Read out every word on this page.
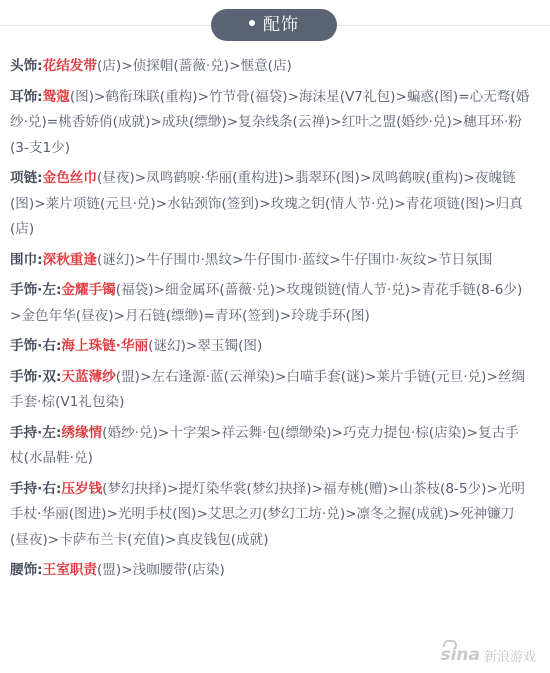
配饰
头饰:花结发带(店)>侦探帽(蔷薇·兑)>惬意(店)
耳饰:鸳蔻(图)>鹤衔珠联(重构)>竹节骨(福袋)>海沫星(V7礼包)>蝙惑(图)=心无骛(婚纱·兑)=桃香娇俏(成就)>成玦(缥缈)>复杂线条(云禅)>红叶之盟(婚纱·兑)>穗耳环·粉(3-支1少)
项链:金色丝巾(昼夜)>凤鸣鹤唳·华丽(重构进)>翡翠环(图)>凤鸣鹤唳(重构)>夜魄链(图)>莱片项链(元旦·兑)>水钻颈饰(签到)>玫瑰之钥(情人节·兑)>青花项链(图)>归真(店)
围巾:深秋重逢(谜幻)>牛仔围巾·黑纹>牛仔围巾·蓝纹>牛仔围巾·灰纹>节日氛围
手饰·左:金耀手镯(福袋)>细金属环(蔷薇·兑)>玫瑰锁链(情人节·兑)>青花手链(8-6少)>金色年华(昼夜)>月石链(缥缈)=青环(签到)>玲珑手环(图)
手饰·右:海上珠链·华丽(谜幻)>翠玉镯(图)
手饰·双:天蓝薄纱(盟)>左右逢源·蓝(云禅染)>白喵手套(谜)>莱片手链(元旦·兑)>丝绸手套·棕(V1礼包染)
手持·左:绣缘情(婚纱·兑)>十字架>祥云舞·包(缥缈染)>巧克力提包·棕(店染)>复古手杖(水晶鞋·兑)
手持·右:压岁钱(梦幻抉择)>提灯染华裳(梦幻抉择)>福寿桃(赠)>山茶枝(8-5少)>光明手杖·华丽(图进)>光明手杖(图)>艾思之刃(梦幻工坊·兑)>凛冬之握(成就)>死神镰刀(昼夜)>卡萨布兰卡(充值)>真皮钱包(成就)
腰饰:王室职责(盟)>浅咖腰带(店染)
sina 新浪游戏
